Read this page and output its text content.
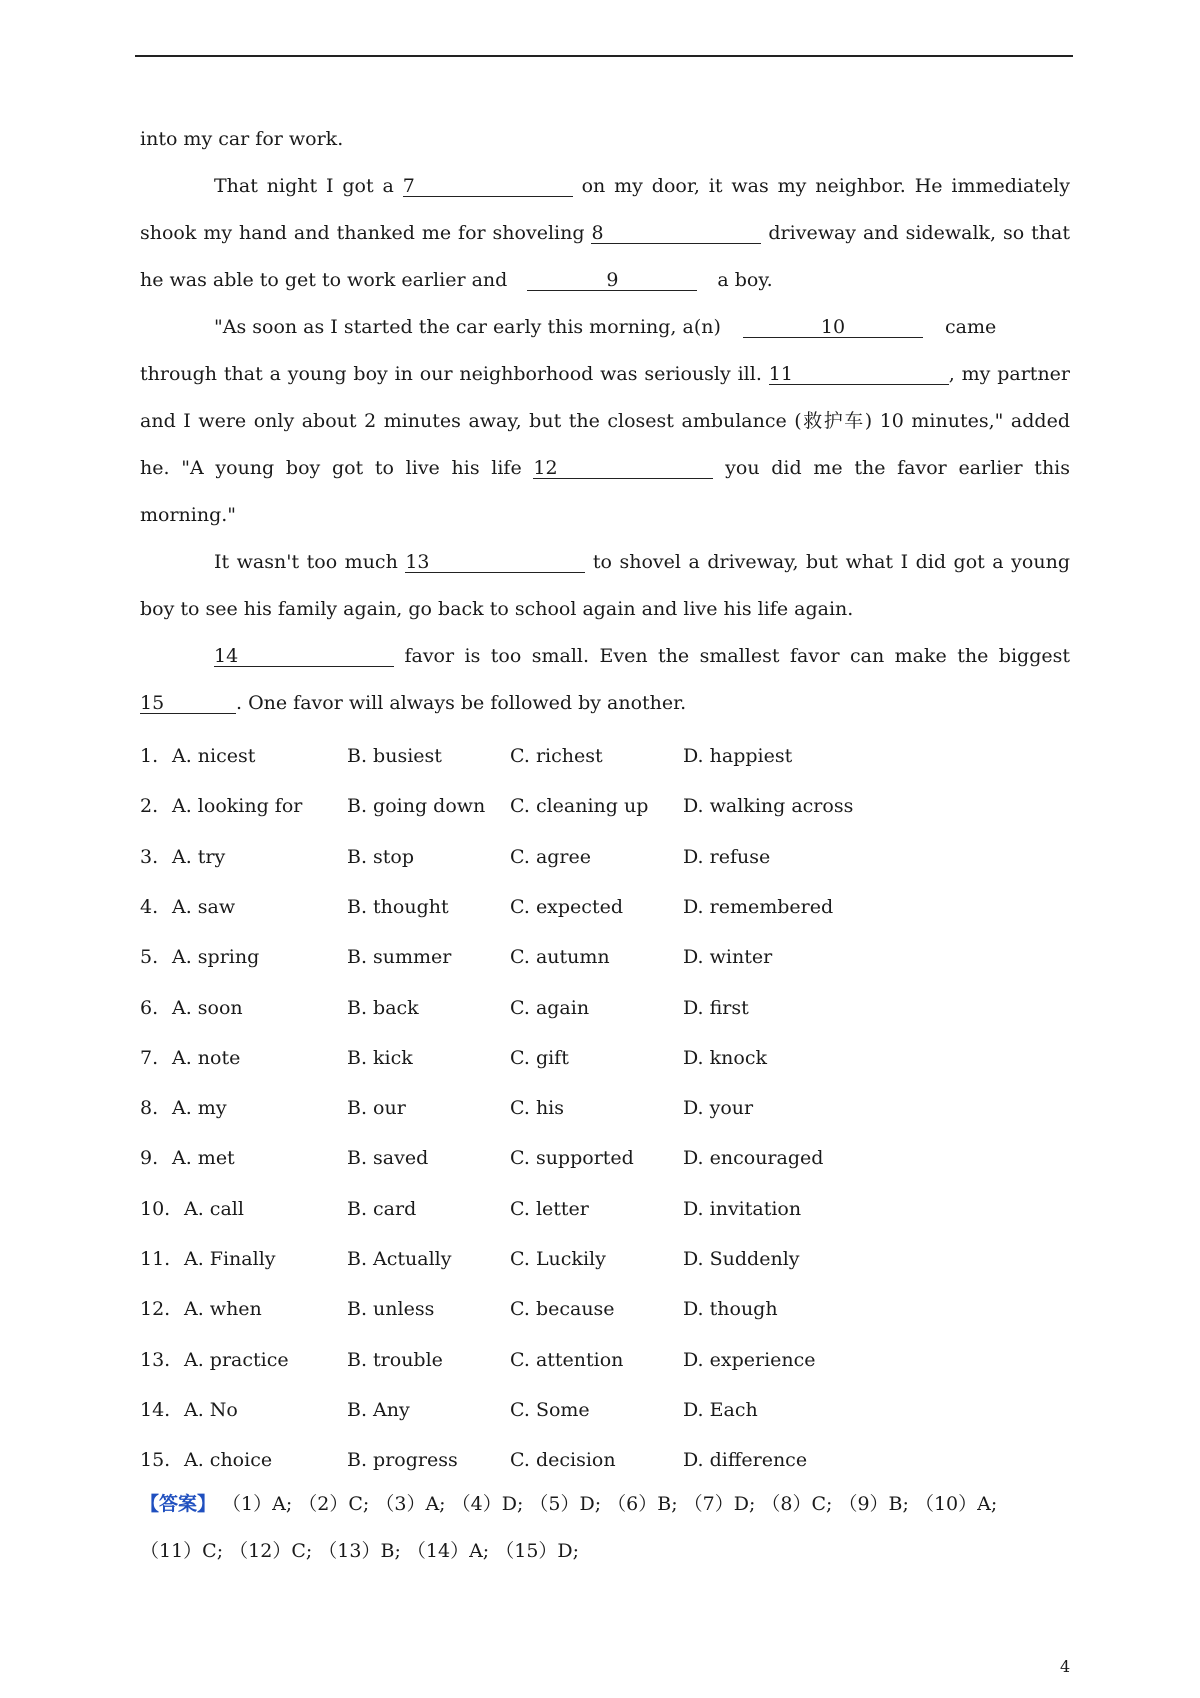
into my car for work.
That night I got a 7	on my door, it was my neighbor. He immediately
shook my hand and thanked me for shoveling 8	driveway and sidewalk, so that
he was able to get to work earlier and	9	a boy.
"As soon as I started the car early this morning, a(n)	10	came
through that a young boy in our neighborhood was seriously ill. 11	, my partner
and I were only about 2 minutes away, but the closest ambulance (救护车) 10 minutes," added
he. "A young boy got to live his life 12	you did me the favor earlier this
morning."
It wasn't too much 13	to shovel a driveway, but what I did got a young
boy to see his family again, go back to school again and live his life again.
14	favor is too small. Even the smallest favor can make the biggest
15	. One favor will always be followed by another.
1. A. nicest	B. busiest	C. richest	D. happiest
2. A. looking for B. going down C. cleaning up D. walking across
3. A. try	B. stop	C. agree	D. refuse
4. A. saw	B. thought	C. expected	D. remembered
5. A. spring	B. summer	C. autumn	D. winter
6. A. soon	B. back	C. again	D. first
7. A. note	B. kick	C. gift	D. knock
8. A. my	B. our	C. his	D. your
9. A. met	B. saved	C. supported	D. encouraged
10. A. call	B. card	C. letter	D. invitation
11. A. Finally	B. Actually	C. Luckily	D. Suddenly
12. A. when	B. unless	C. because	D. though
13. A. practice	B. trouble	C. attention	D. experience
14. A. No	B. Any	C. Some	D. Each
15. A. choice	B. progress	C. decision	D. difference
【答案】 （1）A; （2）C; （3）A; （4）D; （5）D; （6）B; （7）D; （8）C; （9）B; （10）A;
（11）C; （12）C; （13）B; （14）A; （15）D;
4
